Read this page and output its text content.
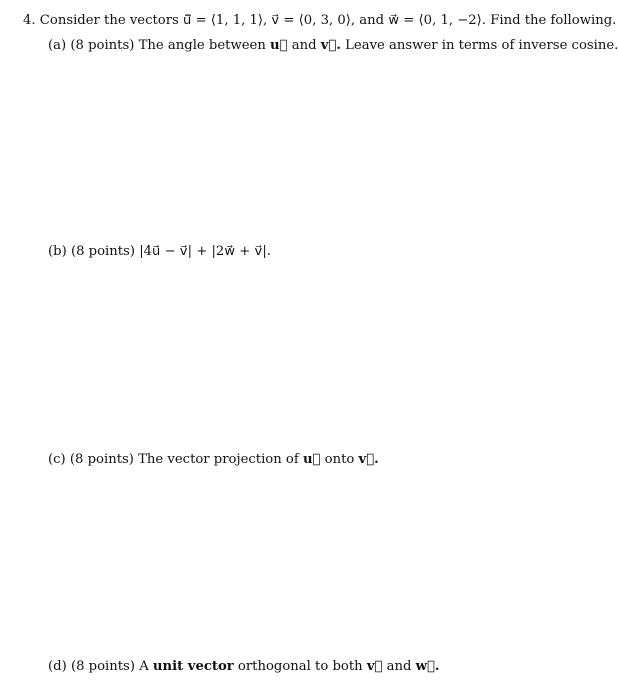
4. Consider the vectors ū⃗ = ⟨1, 1, 1⟩, v⃗ = ⟨0, 3, 0⟩, and w⃗ = ⟨0, 1, −2⟩. Find the following.
(a) (8 points) The angle between u⃗ and v⃗. Leave answer in terms of inverse cosine.
(b) (8 points) |4u⃗ − v⃗| + |2w⃗ + v⃗|.
(c) (8 points) The vector projection of u⃗ onto v⃗.
(d) (8 points) A unit vector orthogonal to both v⃗ and w⃗.
